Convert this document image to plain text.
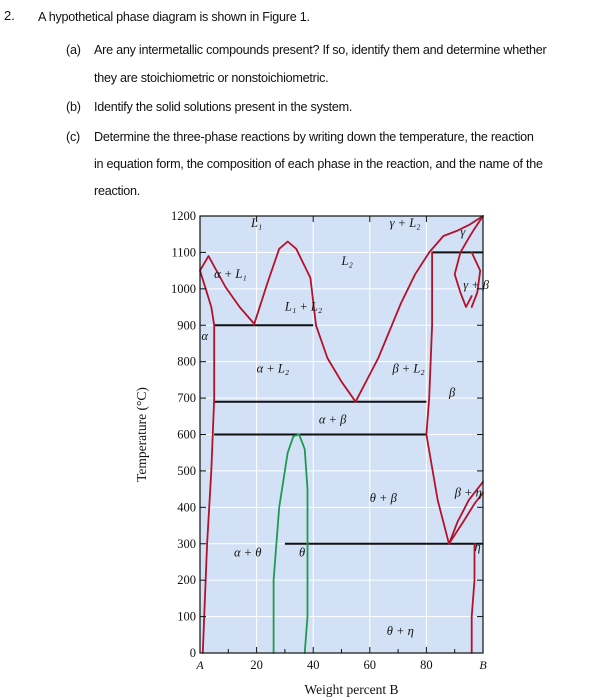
2. A hypothetical phase diagram is shown in Figure 1.
(a) Are any intermetallic compounds present? If so, identify them and determine whether
they are stoichiometric or nonstoichiometric.
(b) Identify the solid solutions present in the system.
(c) Determine the three-phase reactions by writing down the temperature, the reaction
in equation form, the composition of each phase in the reaction, and the name of the
reaction.
0
100
200
300
400
500
600
700
800
900
1000
1100
1200
A	20	40	60	80	B
L₁	γ + L₂
γ
L₂
α + L₁
γ + β
L₁ + L₂
α
α + L₂	β + L₂
β
α + β
θ + β	β + η
α + θ	θ	η
θ + η
Weight percent B
Temperature (°C)
